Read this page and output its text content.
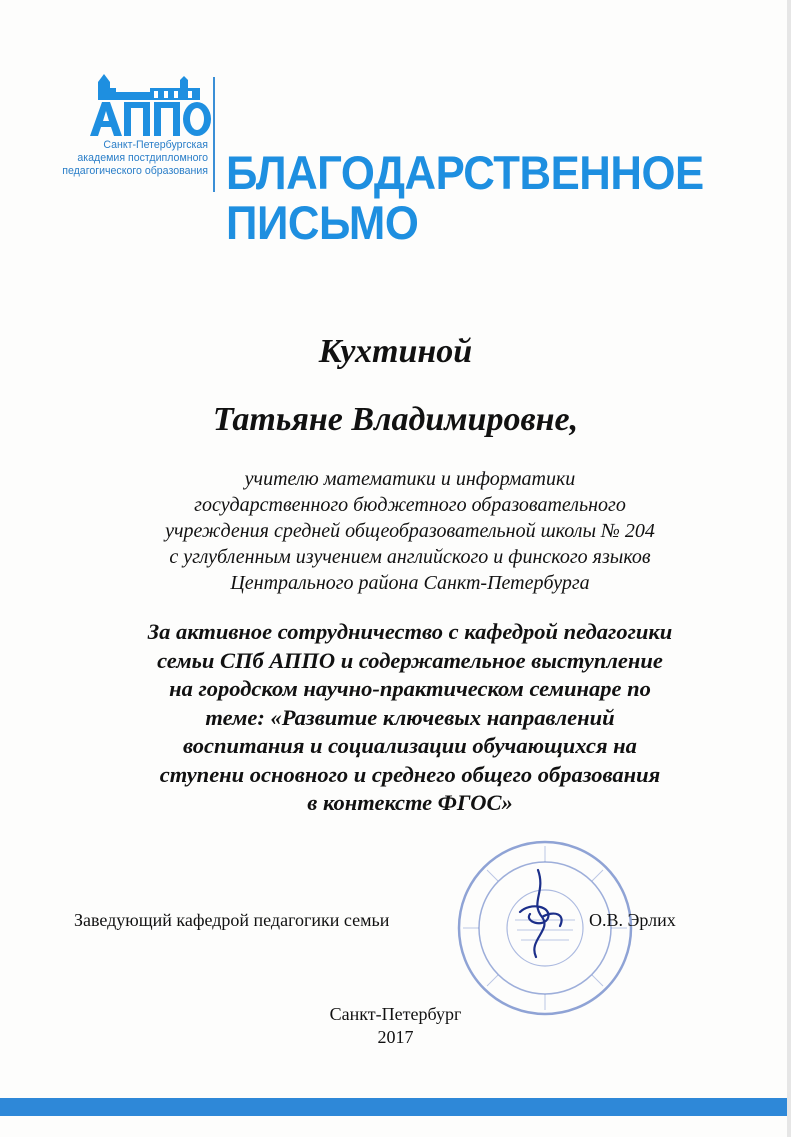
Санкт-Петербургская
академия постдипломного
педагогического образования БЛАГОДАРСТВЕННОЕ
ПИСЬМО
Кухтиной
Татьяне Владимировне,
учителю математики и информатики
государственного бюджетного образовательного
учреждения средней общеобразовательной школы № 204
с углубленным изучением английского и финского языков
Центрального района Санкт-Петербурга
За активное сотрудничество с кафедрой педагогики
семьи СПб АППО и содержательное выступление
на городском научно-практическом семинаре по
теме: «Развитие ключевых направлений
воспитания и социализации обучающихся на
ступени основного и среднего общего образования
в контексте ФГОС»
Заведующий кафедрой педагогики семьи	О.В. Эрлих
Санкт-Петербург
2017
